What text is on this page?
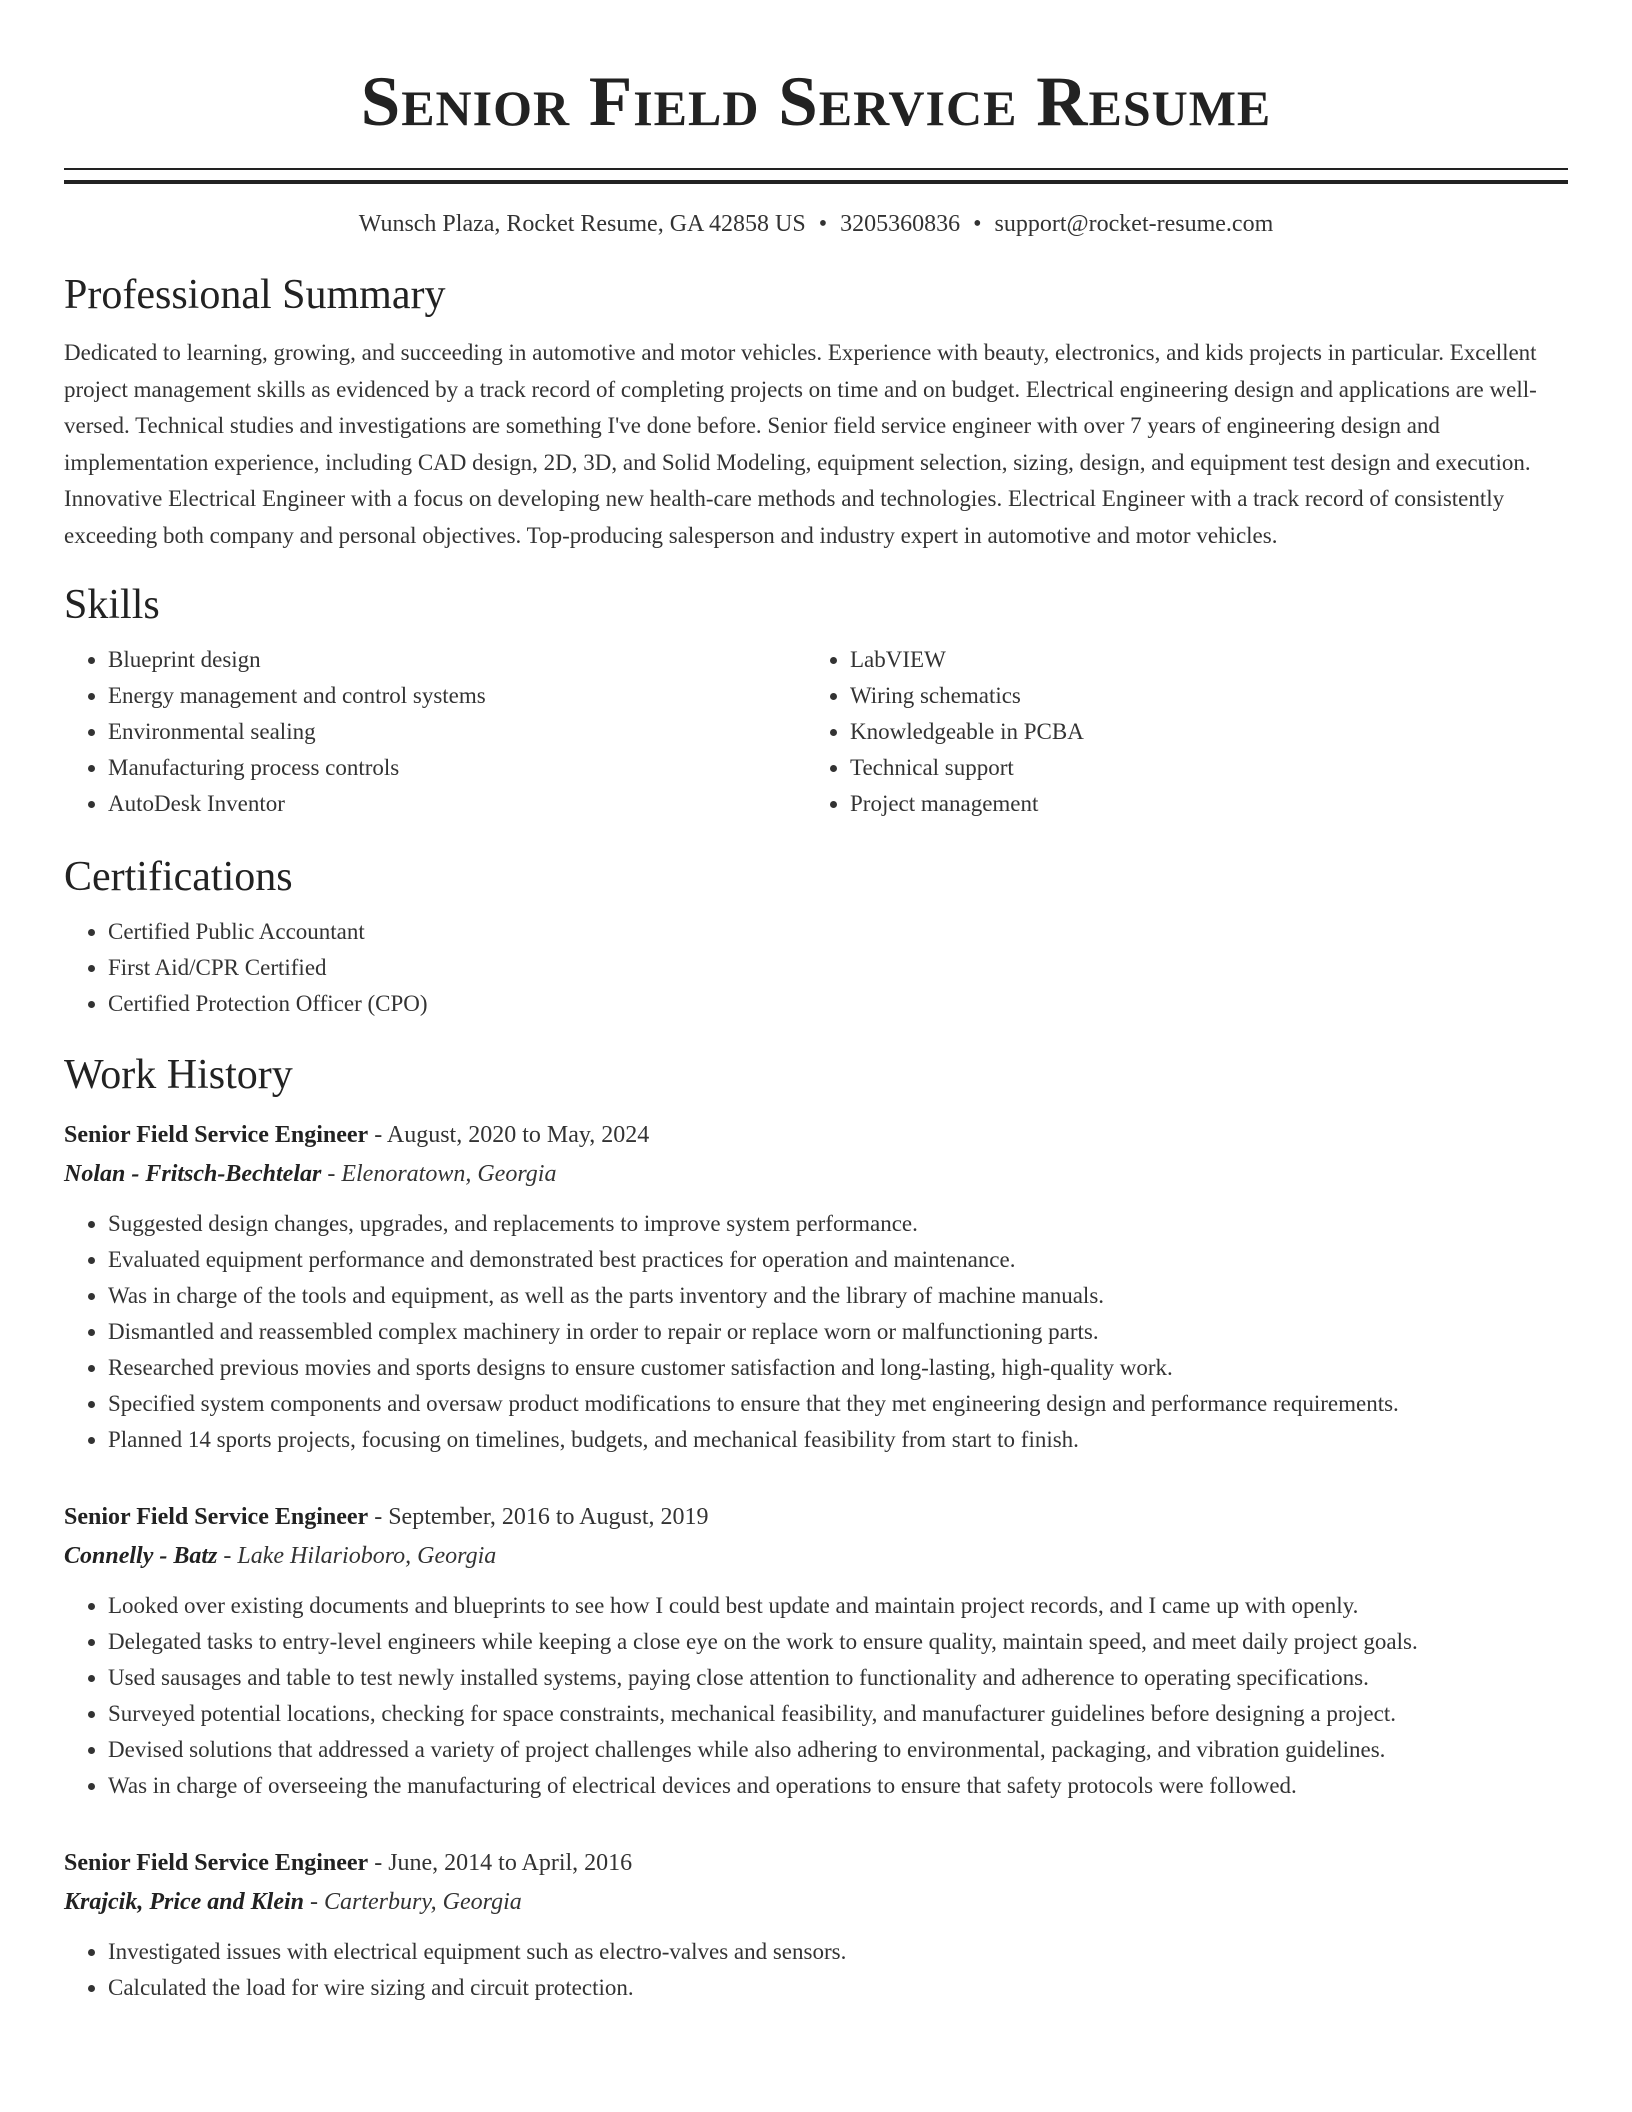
Senior Field Service Resume
Wunsch Plaza, Rocket Resume, GA 42858 US • 3205360836 • support@rocket-resume.com
Professional Summary
Dedicated to learning, growing, and succeeding in automotive and motor vehicles. Experience with beauty, electronics, and kids projects in particular. Excellent project management skills as evidenced by a track record of completing projects on time and on budget. Electrical engineering design and applications are well-versed. Technical studies and investigations are something I've done before. Senior field service engineer with over 7 years of engineering design and implementation experience, including CAD design, 2D, 3D, and Solid Modeling, equipment selection, sizing, design, and equipment test design and execution. Innovative Electrical Engineer with a focus on developing new health-care methods and technologies. Electrical Engineer with a track record of consistently exceeding both company and personal objectives. Top-producing salesperson and industry expert in automotive and motor vehicles.
Skills
• Blueprint design
• Energy management and control systems
• Environmental sealing
• Manufacturing process controls
• AutoDesk Inventor
• LabVIEW
• Wiring schematics
• Knowledgeable in PCBA
• Technical support
• Project management
Certifications
• Certified Public Accountant
• First Aid/CPR Certified
• Certified Protection Officer (CPO)
Work History
Senior Field Service Engineer - August, 2020 to May, 2024
Nolan - Fritsch-Bechtelar - Elenoratown, Georgia
• Suggested design changes, upgrades, and replacements to improve system performance.
• Evaluated equipment performance and demonstrated best practices for operation and maintenance.
• Was in charge of the tools and equipment, as well as the parts inventory and the library of machine manuals.
• Dismantled and reassembled complex machinery in order to repair or replace worn or malfunctioning parts.
• Researched previous movies and sports designs to ensure customer satisfaction and long-lasting, high-quality work.
• Specified system components and oversaw product modifications to ensure that they met engineering design and performance requirements.
• Planned 14 sports projects, focusing on timelines, budgets, and mechanical feasibility from start to finish.
Senior Field Service Engineer - September, 2016 to August, 2019
Connelly - Batz - Lake Hilarioboro, Georgia
• Looked over existing documents and blueprints to see how I could best update and maintain project records, and I came up with openly.
• Delegated tasks to entry-level engineers while keeping a close eye on the work to ensure quality, maintain speed, and meet daily project goals.
• Used sausages and table to test newly installed systems, paying close attention to functionality and adherence to operating specifications.
• Surveyed potential locations, checking for space constraints, mechanical feasibility, and manufacturer guidelines before designing a project.
• Devised solutions that addressed a variety of project challenges while also adhering to environmental, packaging, and vibration guidelines.
• Was in charge of overseeing the manufacturing of electrical devices and operations to ensure that safety protocols were followed.
Senior Field Service Engineer - June, 2014 to April, 2016
Krajcik, Price and Klein - Carterbury, Georgia
• Investigated issues with electrical equipment such as electro-valves and sensors.
• Calculated the load for wire sizing and circuit protection.
